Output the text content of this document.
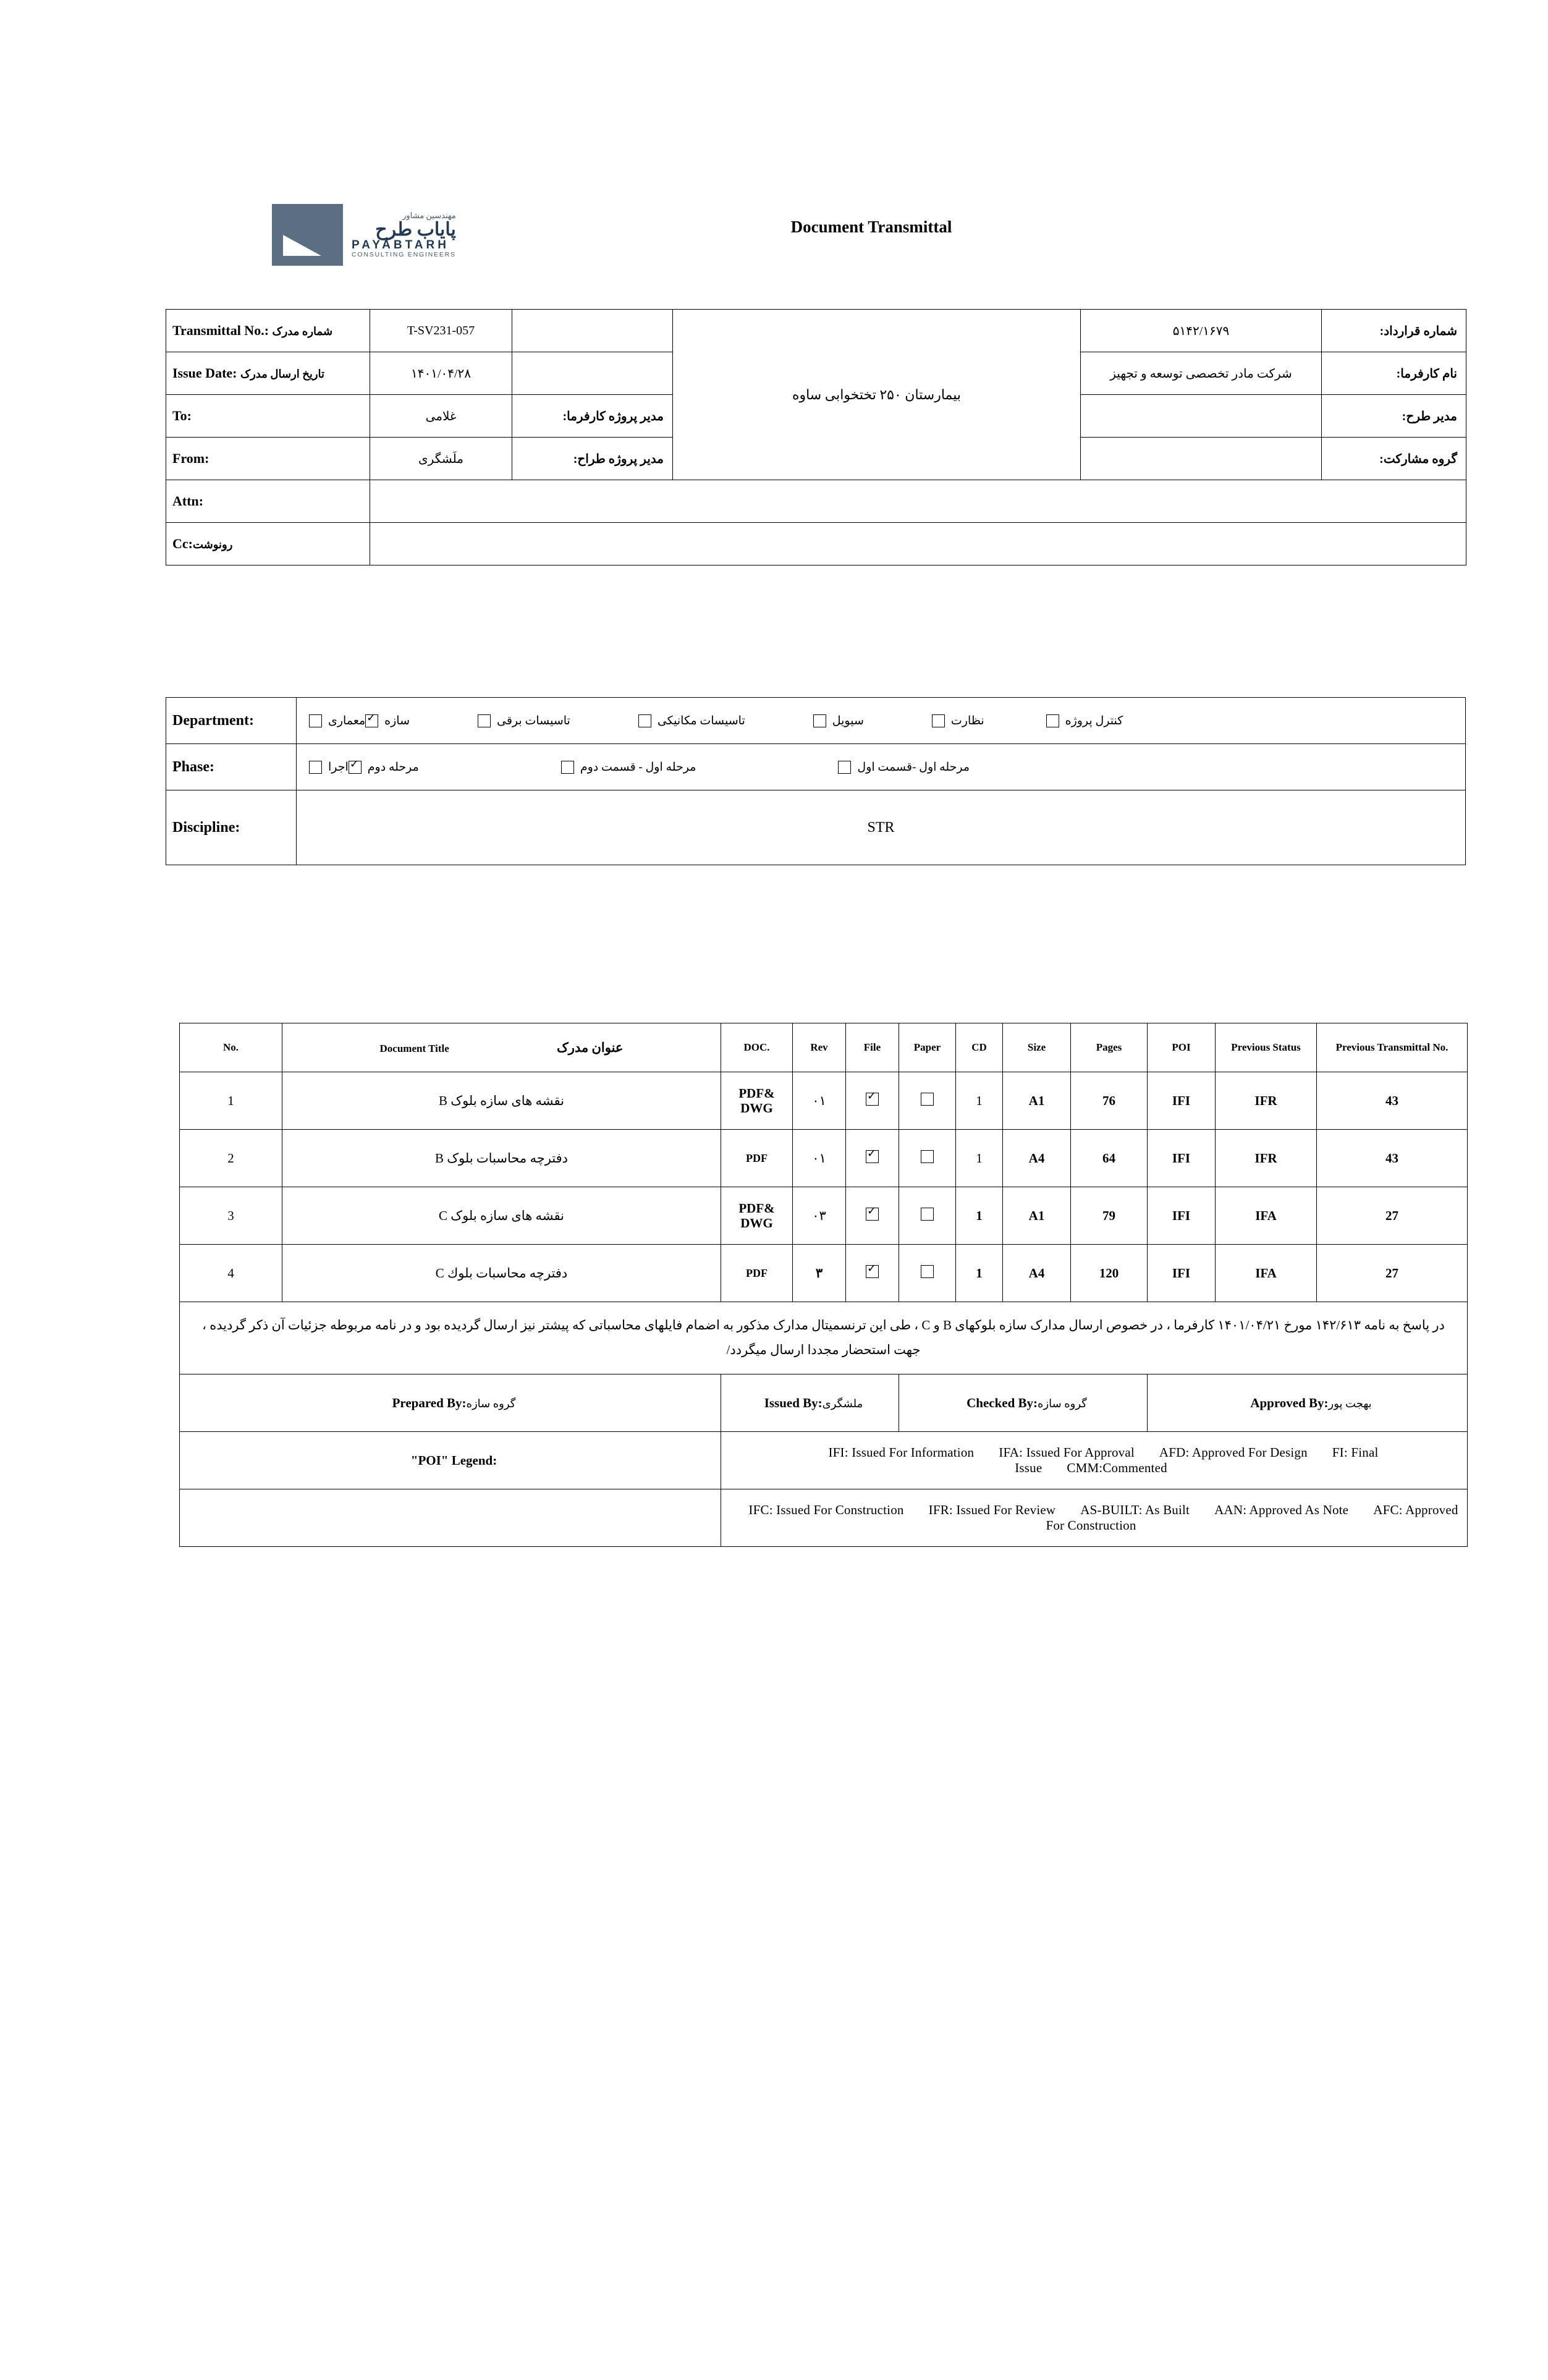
مهندسین مشاور
پایاب طرح
PAYABTARH
CONSULTING ENGINEERS
Document Transmittal
Transmittal No.: شماره مدرک	T-SV231-057		بیمارستان ۲۵۰ تختخوابی ساوه	۵۱۴۲/۱۶۷۹	شماره قرارداد:
Issue Date: تاریخ ارسال مدرک	۱۴۰۱/۰۴/۲۸			شرکت مادر تخصصی توسعه و تجهیز	نام کارفرما:
To:	غلامی	مدیر پروژه کارفرما:			مدیر طرح:
From:	ملَشگری	مدیر پروژه طراح:			گروه مشارکت:
Attn:					
Cc:رونوشت					
Department:	معماری سازه ✓	تاسیسات برقی	تاسیسات مکانیکی	سیویل	نظارت	کنترل پروژه

Phase:	اجرا مرحله دوم ✓ مرحله اول - قسمت دوم مرحله اول -قسمت اول

Discipline:	STR
No.	Document Title عنوان مدرک	DOC.	Rev	File	Paper	CD	Size	Pages	POI	Previous Status	Previous Transmittal No.
1	نقشه های سازه بلوک B	PDF& DWG	۰۱	✓		1	A1	76	IFI	IFR	43
2	دفترچه محاسبات بلوک B	PDF	۰۱	✓		1	A4	64	IFI	IFR	43
3	نقشه های سازه بلوک C	PDF& DWG	۰۳	✓		1	A1	79	IFI	IFA	27
4	دفترچه محاسبات بلوك C	PDF	۳	✓		1	A4	120	IFI	IFA	27
در پاسخ به نامه ۱۴۲/۶۱۳ مورخ ۱۴۰۱/۰۴/۲۱ کارفرما ، در خصوص ارسال مدارک سازه بلوکهای B و C ، طی این ترنسمیتال مدارک مذکور به اضمام فایلهای محاسباتی که پیشتر نیز ارسال گردیده بود و در نامه مربوطه جزئیات آن ذکر گردیده ، جهت استحضار مجددا ارسال میگردد/											
Prepared By:گروه سازه		Issued By:ملشگری			Checked By:گروه سازه				Approved By:بهجت پور		
"POI" Legend:		IFI: Issued For Information IFA: Issued For Approval AFD: Approved For Design FI: Final Issue CMM:Commented									
		IFC: Issued For Construction IFR: Issued For Review AS-BUILT: As Built AAN: Approved As Note AFC: Approved For Construction									
